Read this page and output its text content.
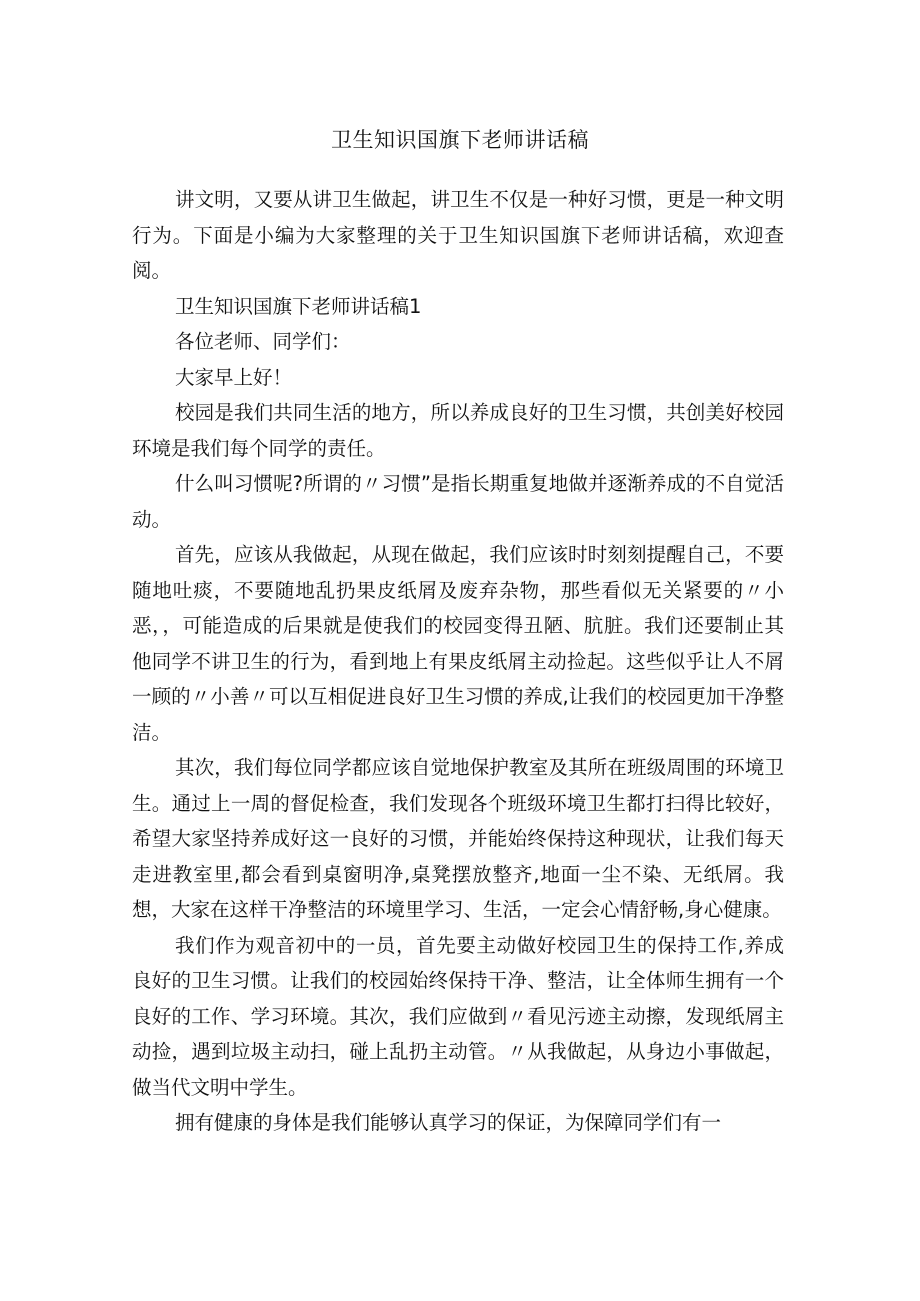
卫生知识国旗下老师讲话稿

讲文明，又要从讲卫生做起，讲卫生不仅是一种好习惯，更是一种文明行为。下面是小编为大家整理的关于卫生知识国旗下老师讲话稿，欢迎查阅。

卫生知识国旗下老师讲话稿1

各位老师、同学们：

大家早上好！

校园是我们共同生活的地方，所以养成良好的卫生习惯，共创美好校园环境是我们每个同学的责任。

什么叫习惯呢?所谓的〃习惯”是指长期重复地做并逐渐养成的不自觉活动。

首先，应该从我做起，从现在做起，我们应该时时刻刻提醒自己，不要随地吐痰，不要随地乱扔果皮纸屑及废弃杂物，那些看似无关紧要的〃小恶，，可能造成的后果就是使我们的校园变得丑陋、肮脏。我们还要制止其他同学不讲卫生的行为，看到地上有果皮纸屑主动捡起。这些似乎让人不屑一顾的〃小善〃可以互相促进良好卫生习惯的养成,让我们的校园更加干净整洁。

其次，我们每位同学都应该自觉地保护教室及其所在班级周围的环境卫生。通过上一周的督促检查，我们发现各个班级环境卫生都打扫得比较好，希望大家坚持养成好这一良好的习惯，并能始终保持这种现状，让我们每天走进教室里,都会看到桌窗明净,桌凳摆放整齐,地面一尘不染、无纸屑。我想，大家在这样干净整洁的环境里学习、生活，一定会心情舒畅,身心健康。

我们作为观音初中的一员，首先要主动做好校园卫生的保持工作,养成良好的卫生习惯。让我们的校园始终保持干净、整洁，让全体师生拥有一个良好的工作、学习环境。其次，我们应做到〃看见污迹主动擦，发现纸屑主动捡，遇到垃圾主动扫，碰上乱扔主动管。〃从我做起，从身边小事做起，做当代文明中学生。

拥有健康的身体是我们能够认真学习的保证，为保障同学们有一
